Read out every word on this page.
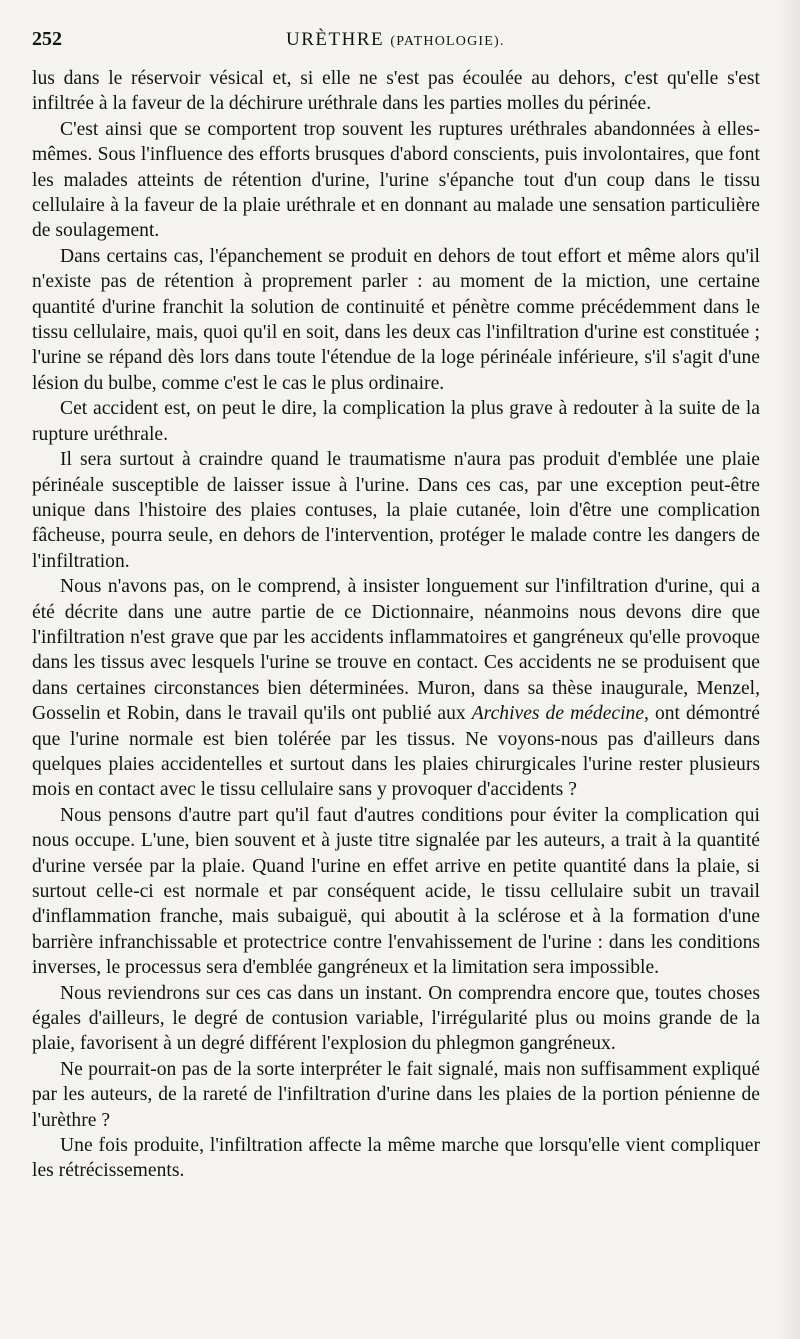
252	URÈTHRE (PATHOLOGIE).

lus dans le réservoir vésical et, si elle ne s'est pas écoulée au dehors, c'est qu'elle s'est infiltrée à la faveur de la déchirure uréthrale dans les parties molles du périnée.

C'est ainsi que se comportent trop souvent les ruptures uréthrales abandonnées à elles-mêmes. Sous l'influence des efforts brusques d'abord conscients, puis involontaires, que font les malades atteints de rétention d'urine, l'urine s'épanche tout d'un coup dans le tissu cellulaire à la faveur de la plaie uréthrale et en donnant au malade une sensation particulière de soulagement.

Dans certains cas, l'épanchement se produit en dehors de tout effort et même alors qu'il n'existe pas de rétention à proprement parler : au moment de la miction, une certaine quantité d'urine franchit la solution de continuité et pénètre comme précédemment dans le tissu cellulaire, mais, quoi qu'il en soit, dans les deux cas l'infiltration d'urine est constituée ; l'urine se répand dès lors dans toute l'étendue de la loge périnéale inférieure, s'il s'agit d'une lésion du bulbe, comme c'est le cas le plus ordinaire.

Cet accident est, on peut le dire, la complication la plus grave à redouter à la suite de la rupture uréthrale.

Il sera surtout à craindre quand le traumatisme n'aura pas produit d'emblée une plaie périnéale susceptible de laisser issue à l'urine. Dans ces cas, par une exception peut-être unique dans l'histoire des plaies contuses, la plaie cutanée, loin d'être une complication fâcheuse, pourra seule, en dehors de l'intervention, protéger le malade contre les dangers de l'infiltration.

Nous n'avons pas, on le comprend, à insister longuement sur l'infiltration d'urine, qui a été décrite dans une autre partie de ce Dictionnaire, néanmoins nous devons dire que l'infiltration n'est grave que par les accidents inflammatoires et gangréneux qu'elle provoque dans les tissus avec lesquels l'urine se trouve en contact. Ces accidents ne se produisent que dans certaines circonstances bien déterminées. Muron, dans sa thèse inaugurale, Menzel, Gosselin et Robin, dans le travail qu'ils ont publié aux Archives de médecine, ont démontré que l'urine normale est bien tolérée par les tissus. Ne voyons-nous pas d'ailleurs dans quelques plaies accidentelles et surtout dans les plaies chirurgicales l'urine rester plusieurs mois en contact avec le tissu cellulaire sans y provoquer d'accidents ?

Nous pensons d'autre part qu'il faut d'autres conditions pour éviter la complication qui nous occupe. L'une, bien souvent et à juste titre signalée par les auteurs, a trait à la quantité d'urine versée par la plaie. Quand l'urine en effet arrive en petite quantité dans la plaie, si surtout celle-ci est normale et par conséquent acide, le tissu cellulaire subit un travail d'inflammation franche, mais subaiguë, qui aboutit à la sclérose et à la formation d'une barrière infranchissable et protectrice contre l'envahissement de l'urine : dans les conditions inverses, le processus sera d'emblée gangréneux et la limitation sera impossible.

Nous reviendrons sur ces cas dans un instant. On comprendra encore que, toutes choses égales d'ailleurs, le degré de contusion variable, l'irrégularité plus ou moins grande de la plaie, favorisent à un degré différent l'explosion du phlegmon gangréneux.

Ne pourrait-on pas de la sorte interpréter le fait signalé, mais non suffisamment expliqué par les auteurs, de la rareté de l'infiltration d'urine dans les plaies de la portion pénienne de l'urèthre ?

Une fois produite, l'infiltration affecte la même marche que lorsqu'elle vient compliquer les rétrécissements.
